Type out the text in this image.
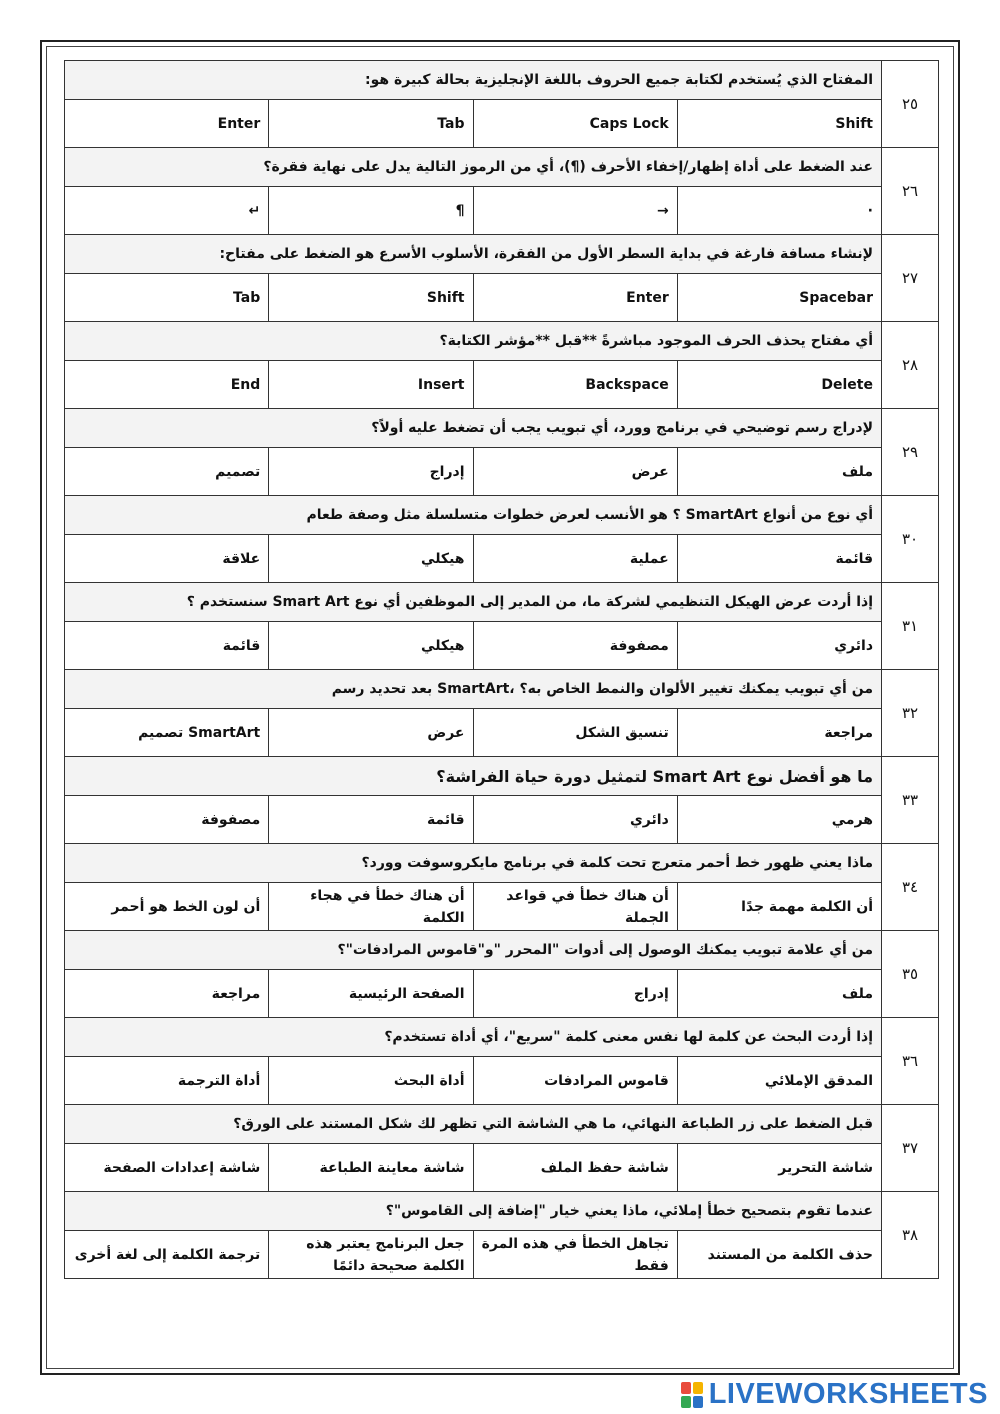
٢٥	المفتاح الذي يُستخدم لكتابة جميع الحروف باللغة الإنجليزية بحالة كبيرة هو:			
	Shift	Caps Lock	Tab	Enter
٢٦	عند الضغط على أداة إظهار/إخفاء الأحرف (¶)، أي من الرموز التالية يدل على نهاية فقرة؟			
	·	→	¶	↵
٢٧	لإنشاء مسافة فارغة في بداية السطر الأول من الفقرة، الأسلوب الأسرع هو الضغط على مفتاح:			
	Spacebar	Enter	Shift	Tab
٢٨	أي مفتاح يحذف الحرف الموجود مباشرةً **قبل **مؤشر الكتابة؟			
	Delete	Backspace	Insert	End
٢٩	لإدراج رسم توضيحي في برنامج وورد، أي تبويب يجب أن تضغط عليه أولاً؟			
	ملف	عرض	إدراج	تصميم
٣٠	أي نوع من أنواع SmartArt ؟ هو الأنسب لعرض خطوات متسلسلة مثل وصفة طعام			
	قائمة	عملية	هيكلي	علاقة
٣١	إذا أردت عرض الهيكل التنظيمي لشركة ما، من المدير إلى الموظفين أي نوع Smart Art سنستخدم ؟			
	دائري	مصفوفة	هيكلي	قائمة
٣٢	من أي تبويب يمكنك تغيير الألوان والنمط الخاص به؟ ،SmartArt بعد تحديد رسم			
	مراجعة	تنسيق الشكل	عرض	SmartArt تصميم
٣٣	ما هو أفضل نوع Smart Art لتمثيل دورة حياة الفراشة؟			
	هرمي	دائري	قائمة	مصفوفة
٣٤	ماذا يعني ظهور خط أحمر متعرج تحت كلمة في برنامج مايكروسوفت وورد؟			
	أن الكلمة مهمة جدًا	أن هناك خطأ في قواعد الجملة	أن هناك خطأ في هجاء الكلمة	أن لون الخط هو أحمر
٣٥	من أي علامة تبويب يمكنك الوصول إلى أدوات "المحرر "و"قاموس المرادفات"؟			
	ملف	إدراج	الصفحة الرئيسية	مراجعة
٣٦	إذا أردت البحث عن كلمة لها نفس معنى كلمة "سريع"، أي أداة تستخدم؟			
	المدقق الإملائي	قاموس المرادفات	أداة البحث	أداة الترجمة
٣٧	قبل الضغط على زر الطباعة النهائي، ما هي الشاشة التي تظهر لك شكل المستند على الورق؟			
	شاشة التحرير	شاشة حفظ الملف	شاشة معاينة الطباعة	شاشة إعدادات الصفحة
٣٨	عندما تقوم بتصحيح خطأ إملائي، ماذا يعني خيار "إضافة إلى القاموس"؟			
	حذف الكلمة من المستند	تجاهل الخطأ في هذه المرة فقط	جعل البرنامج يعتبر هذه الكلمة صحيحة دائمًا	ترجمة الكلمة إلى لغة أخرى
LIVEWORKSHEETS
